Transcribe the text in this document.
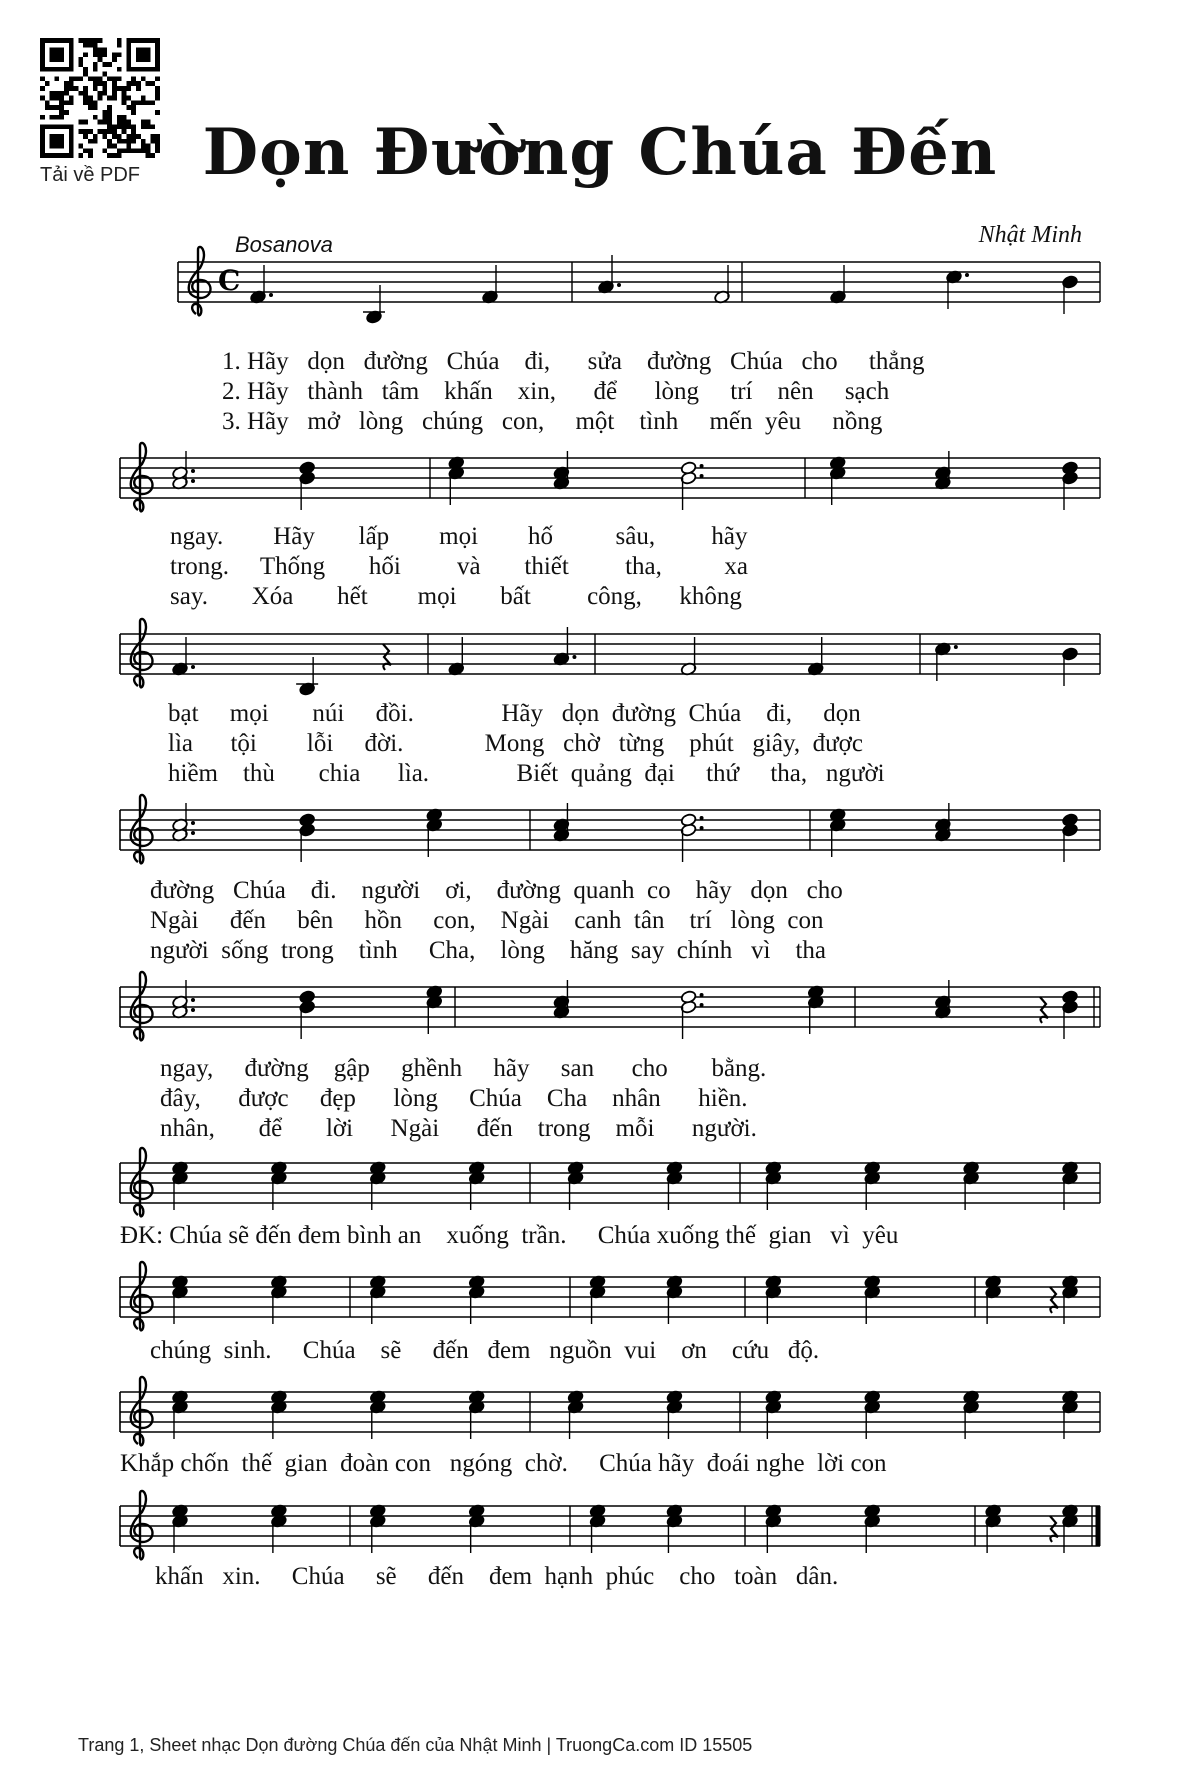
Tải về PDF Dọn Đường Chúa Đến
Bosanova	Nhật Minh
C
1. Hãy   dọn   đường   Chúa    đi,      sửa    đường   Chúa   cho     thẳng
2. Hãy   thành   tâm    khấn    xin,      để      lòng     trí    nên     sạch
3. Hãy   mở   lòng   chúng   con,     một    tình     mến  yêu     nồng
ngay.        Hãy       lấp        mọi        hố          sâu,         hãy
trong.     Thống       hối         và       thiết         tha,          xa
say.       Xóa       hết        mọi       bất         công,      không
bạt     mọi       núi     đồi.              Hãy   dọn  đường  Chúa    đi,     dọn
lìa      tội        lỗi     đời.             Mong   chờ   từng    phút   giây,  được
hiềm    thù       chia      lìa.              Biết  quảng  đại     thứ     tha,   người
đường   Chúa    đi.    người    ơi,    đường  quanh  co    hãy   dọn   cho
Ngài     đến     bên     hồn     con,    Ngài    canh  tân    trí   lòng  con
người  sống  trong    tình     Cha,    lòng    hăng  say  chính   vì    tha
ngay,     đường    gập     ghềnh     hãy     san      cho       bằng.
đây,      được     đẹp      lòng     Chúa    Cha    nhân      hiền.
nhân,       để       lời      Ngài      đến    trong    mỗi      người.
ĐK: Chúa sẽ đến đem bình an    xuống  trần.     Chúa xuống thế  gian   vì  yêu
chúng  sinh.     Chúa    sẽ     đến   đem   nguồn  vui    ơn    cứu   độ.
Khắp chốn  thế  gian  đoàn con   ngóng  chờ.     Chúa hãy  đoái nghe  lời con
khấn   xin.     Chúa     sẽ     đến    đem  hạnh  phúc    cho   toàn   dân.
Trang 1, Sheet nhạc Dọn đường Chúa đến của Nhật Minh | TruongCa.com ID 15505
